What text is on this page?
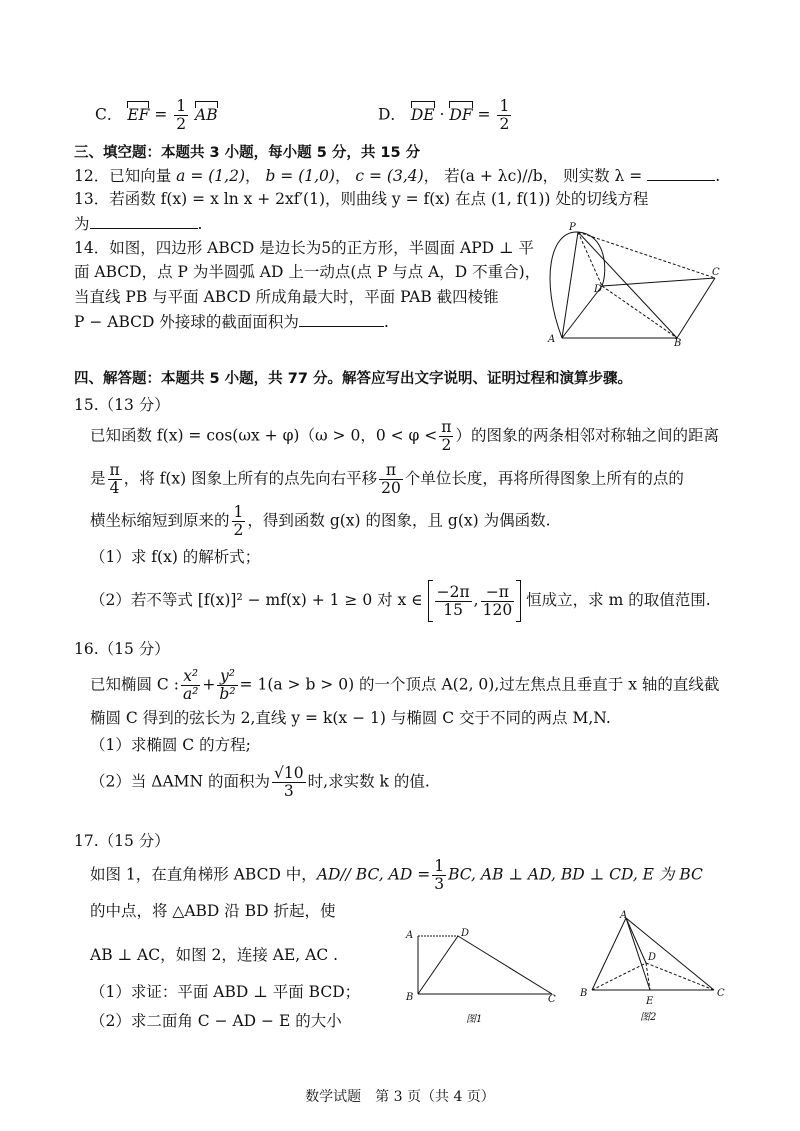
C． EF = $\frac{1}{2}$ AB	D． DE · DF = $\frac{1}{2}$
三、填空题：本题共 3 小题，每小题 5 分，共 15 分
12．已知向量 a = (1,2)， b = (1,0)， c = (3,4)， 若(a + λc)//b， 则实数 λ =	.
13．若函数 f(x) = x ln x + 2xf′(1)，则曲线 y = f(x) 在点 (1, f(1)) 处的切线方程
为	.
14．如图，四边形 ABCD 是边长为5的正方形，半圆面 APD ⊥ 平
面 ABCD，点 P 为半圆弧 AD 上一动点(点 P 与点 A，D 不重合)，
当直线 PB 与平面 ABCD 所成角最大时，平面 PAB 截四棱锥
P − ABCD 外接球的截面面积为	.
P
D
C
A	B
四、解答题：本题共 5 小题，共 77 分。解答应写出文字说明、证明过程和演算步骤。
15.（13 分）
已知函数 f(x) = cos(ωx + φ)（ω > 0，$0 < \varphi < \frac{\pi}{2}$ ）的图象的两条相邻对称轴之间的距离
是 $\frac{\pi}{4}$ ，将 f(x) 图象上所有的点先向右平移 $\frac{\pi}{20}$ 个单位长度，再将所得图象上所有的点的
横坐标缩短到原来的 $\frac{1}{2}$ ，得到函数 g(x) 的图象，且 g(x) 为偶函数.
（1）求 f(x) 的解析式；
（2）若不等式 [f(x)]² − mf(x) + 1 ≥ 0 对 x ∈ $\frac{-2\pi}{15}$ , $\frac{-\pi}{120}$ 恒成立，求 m 的取值范围.
16.（15 分）
已知椭圆 C : $\frac{\text{x²}}{\text{a²}} + \frac{\text{y²}}{\text{b²}} = 1(a > b > 0)$ 的一个顶点 A(2, 0),过左焦点且垂直于 x 轴的直线截
椭圆 C 得到的弦长为 2,直线 y = k(x − 1) 与椭圆 C 交于不同的两点 M,N.
（1）求椭圆 C 的方程;
（2）当 ΔAMN 的面积为 $\frac{√10}{3}$ 时,求实数 k 的值.
17.（15 分）
如图 1，在直角梯形 ABCD 中，AD// BC, AD = $\frac{1}{3}$ BC, AB ⊥ AD, BD ⊥ CD, E 为 BC
的中点，将 △ABD 沿 BD 折起，使
AB ⊥ AC，如图 2，连接 AE, AC .
（1）求证：平面 ABD ⊥ 平面 BCD；
（2）求二面角 C − AD − E 的大小
A	D
B	C
图1
A
D
B
E
C
图2
数学试题　第 3 页（共 4 页）
